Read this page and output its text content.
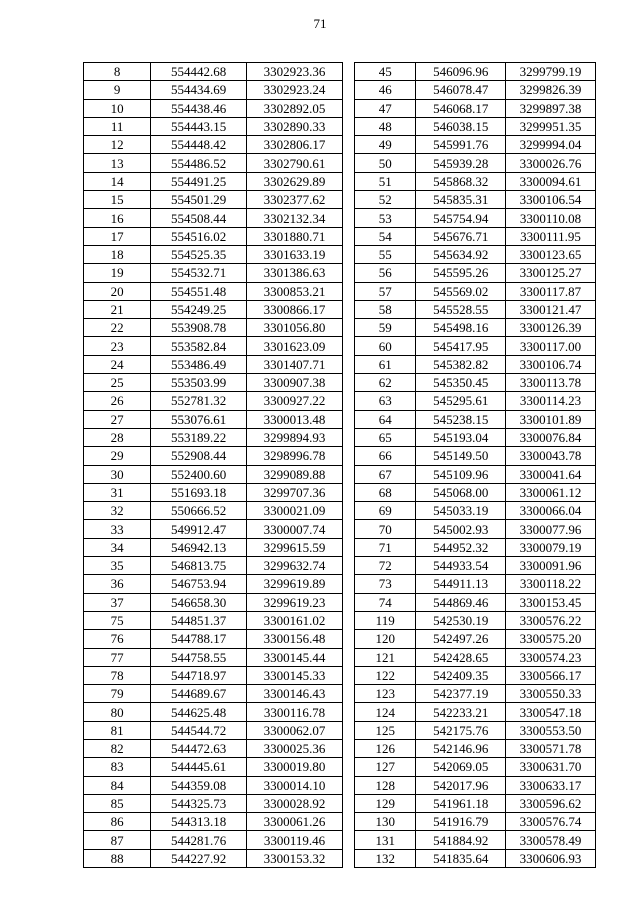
71
8	554442.68	3302923.36
9	554434.69	3302923.24
10	554438.46	3302892.05
11	554443.15	3302890.33
12	554448.42	3302806.17
13	554486.52	3302790.61
14	554491.25	3302629.89
15	554501.29	3302377.62
16	554508.44	3302132.34
17	554516.02	3301880.71
18	554525.35	3301633.19
19	554532.71	3301386.63
20	554551.48	3300853.21
21	554249.25	3300866.17
22	553908.78	3301056.80
23	553582.84	3301623.09
24	553486.49	3301407.71
25	553503.99	3300907.38
26	552781.32	3300927.22
27	553076.61	3300013.48
28	553189.22	3299894.93
29	552908.44	3298996.78
30	552400.60	3299089.88
31	551693.18	3299707.36
32	550666.52	3300021.09
33	549912.47	3300007.74
34	546942.13	3299615.59
35	546813.75	3299632.74
36	546753.94	3299619.89
37	546658.30	3299619.23
75	544851.37	3300161.02
76	544788.17	3300156.48
77	544758.55	3300145.44
78	544718.97	3300145.33
79	544689.67	3300146.43
80	544625.48	3300116.78
81	544544.72	3300062.07
82	544472.63	3300025.36
83	544445.61	3300019.80
84	544359.08	3300014.10
85	544325.73	3300028.92
86	544313.18	3300061.26
87	544281.76	3300119.46
88	544227.92	3300153.32
45	546096.96	3299799.19
46	546078.47	3299826.39
47	546068.17	3299897.38
48	546038.15	3299951.35
49	545991.76	3299994.04
50	545939.28	3300026.76
51	545868.32	3300094.61
52	545835.31	3300106.54
53	545754.94	3300110.08
54	545676.71	3300111.95
55	545634.92	3300123.65
56	545595.26	3300125.27
57	545569.02	3300117.87
58	545528.55	3300121.47
59	545498.16	3300126.39
60	545417.95	3300117.00
61	545382.82	3300106.74
62	545350.45	3300113.78
63	545295.61	3300114.23
64	545238.15	3300101.89
65	545193.04	3300076.84
66	545149.50	3300043.78
67	545109.96	3300041.64
68	545068.00	3300061.12
69	545033.19	3300066.04
70	545002.93	3300077.96
71	544952.32	3300079.19
72	544933.54	3300091.96
73	544911.13	3300118.22
74	544869.46	3300153.45
119	542530.19	3300576.22
120	542497.26	3300575.20
121	542428.65	3300574.23
122	542409.35	3300566.17
123	542377.19	3300550.33
124	542233.21	3300547.18
125	542175.76	3300553.50
126	542146.96	3300571.78
127	542069.05	3300631.70
128	542017.96	3300633.17
129	541961.18	3300596.62
130	541916.79	3300576.74
131	541884.92	3300578.49
132	541835.64	3300606.93
